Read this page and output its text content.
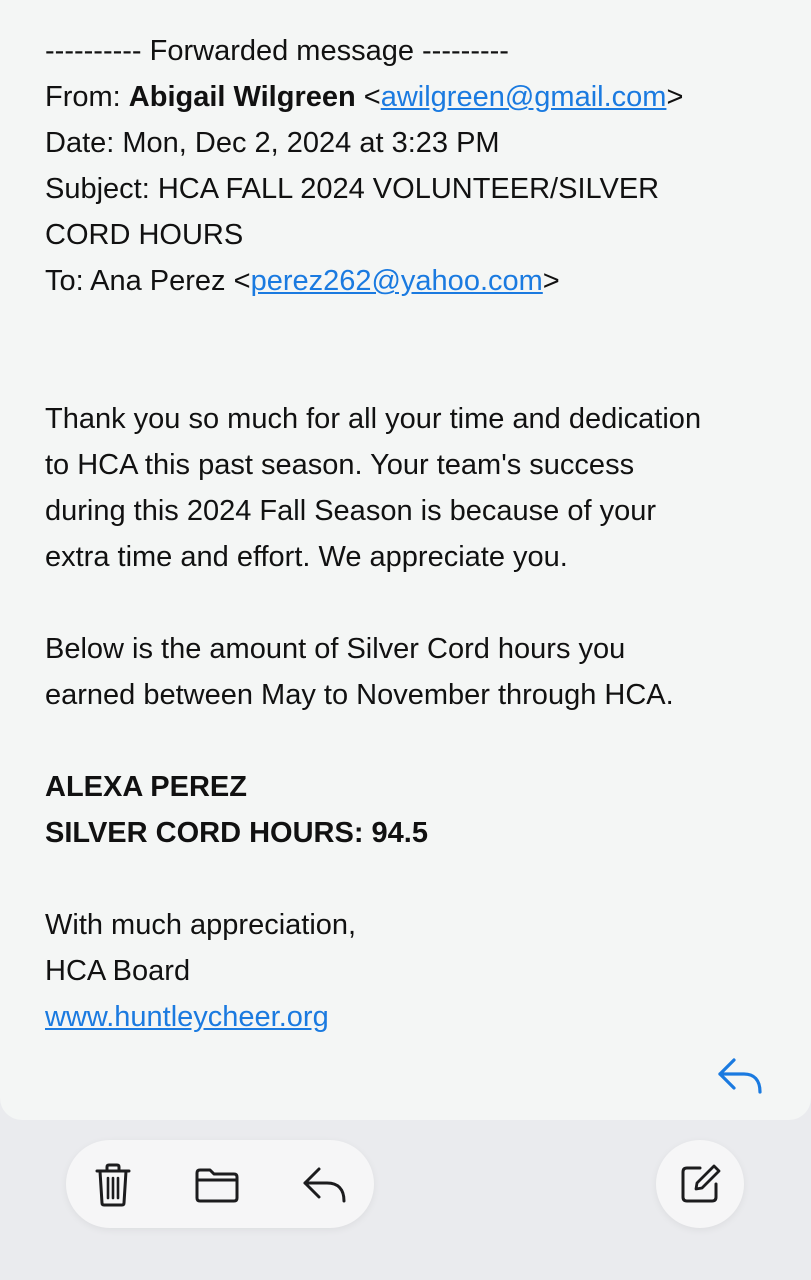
---------- Forwarded message ---------
From: Abigail Wilgreen <awilgreen@gmail.com>
Date: Mon, Dec 2, 2024 at 3:23 PM
Subject: HCA FALL 2024 VOLUNTEER/SILVER
CORD HOURS
To: Ana Perez <perez262@yahoo.com>
Thank you so much for all your time and dedication
to HCA this past season. Your team's success
during this 2024 Fall Season is because of your
extra time and effort. We appreciate you.
Below is the amount of Silver Cord hours you
earned between May to November through HCA.
ALEXA PEREZ
SILVER CORD HOURS: 94.5
With much appreciation,
HCA Board
www.huntleycheer.org
